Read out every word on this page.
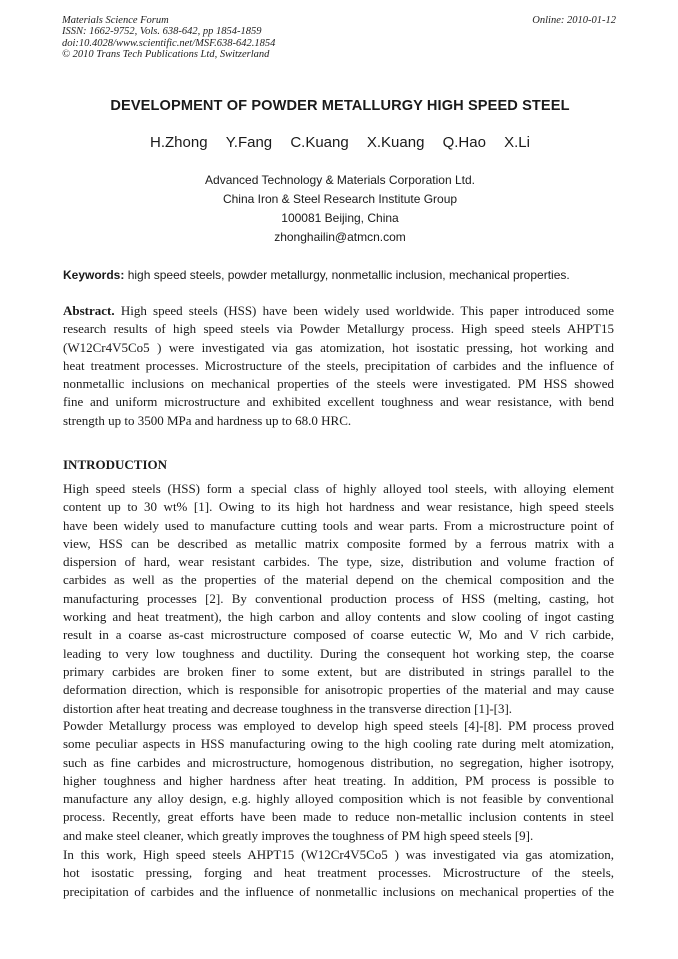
Materials Science Forum
ISSN: 1662-9752, Vols. 638-642, pp 1854-1859
doi:10.4028/www.scientific.net/MSF.638-642.1854
© 2010 Trans Tech Publications Ltd, Switzerland
Online: 2010-01-12
DEVELOPMENT OF POWDER METALLURGY HIGH SPEED STEEL
H.Zhong Y.Fang C.Kuang X.Kuang Q.Hao X.Li
Advanced Technology & Materials Corporation Ltd.
China Iron & Steel Research Institute Group
100081 Beijing, China
zhonghailin@atmcn.com
Keywords: high speed steels, powder metallurgy, nonmetallic inclusion, mechanical properties.
Abstract. High speed steels (HSS) have been widely used worldwide. This paper introduced some
research results of high speed steels via Powder Metallurgy process. High speed steels AHPT15
(W12Cr4V5Co5 ) were investigated via gas atomization, hot isostatic pressing, hot working and
heat treatment processes. Microstructure of the steels, precipitation of carbides and the influence of
nonmetallic inclusions on mechanical properties of the steels were investigated. PM HSS showed
fine and uniform microstructure and exhibited excellent toughness and wear resistance, with bend
strength up to 3500 MPa and hardness up to 68.0 HRC.
INTRODUCTION
High speed steels (HSS) form a special class of highly alloyed tool steels, with alloying element
content up to 30 wt% [1]. Owing to its high hot hardness and wear resistance, high speed steels
have been widely used to manufacture cutting tools and wear parts. From a microstructure point of
view, HSS can be described as metallic matrix composite formed by a ferrous matrix with a
dispersion of hard, wear resistant carbides. The type, size, distribution and volume fraction of
carbides as well as the properties of the material depend on the chemical composition and the
manufacturing processes [2]. By conventional production process of HSS (melting, casting, hot
working and heat treatment), the high carbon and alloy contents and slow cooling of ingot casting
result in a coarse as-cast microstructure composed of coarse eutectic W, Mo and V rich carbide,
leading to very low toughness and ductility. During the consequent hot working step, the coarse
primary carbides are broken finer to some extent, but are distributed in strings parallel to the
deformation direction, which is responsible for anisotropic properties of the material and may cause
distortion after heat treating and decrease toughness in the transverse direction [1]-[3].
Powder Metallurgy process was employed to develop high speed steels [4]-[8]. PM process proved
some peculiar aspects in HSS manufacturing owing to the high cooling rate during melt atomization,
such as fine carbides and microstructure, homogenous distribution, no segregation, higher isotropy,
higher toughness and higher hardness after heat treating. In addition, PM process is possible to
manufacture any alloy design, e.g. highly alloyed composition which is not feasible by conventional
process. Recently, great efforts have been made to reduce non-metallic inclusion contents in steel
and make steel cleaner, which greatly improves the toughness of PM high speed steels [9].
In this work, High speed steels AHPT15 (W12Cr4V5Co5 ) was investigated via gas atomization,
hot isostatic pressing, forging and heat treatment processes. Microstructure of the steels,
precipitation of carbides and the influence of nonmetallic inclusions on mechanical properties of the
